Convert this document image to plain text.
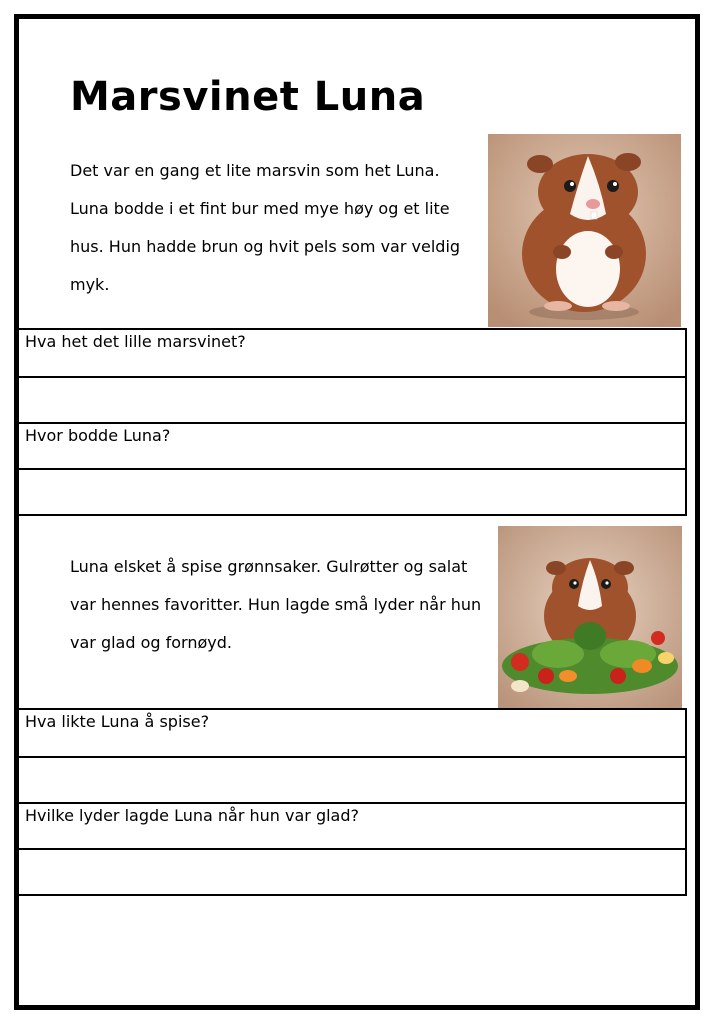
Marsvinet Luna

Det var en gang et lite marsvin som het Luna. Luna bodde i et fint bur med mye høy og et lite hus. Hun hadde brun og hvit pels som var veldig myk.

Hva het det lille marsvinet?
Hvor bodde Luna?

Luna elsket å spise grønnsaker. Gulrøtter og salat var hennes favoritter. Hun lagde små lyder når hun var glad og fornøyd.

Hva likte Luna å spise?
Hvilke lyder lagde Luna når hun var glad?
